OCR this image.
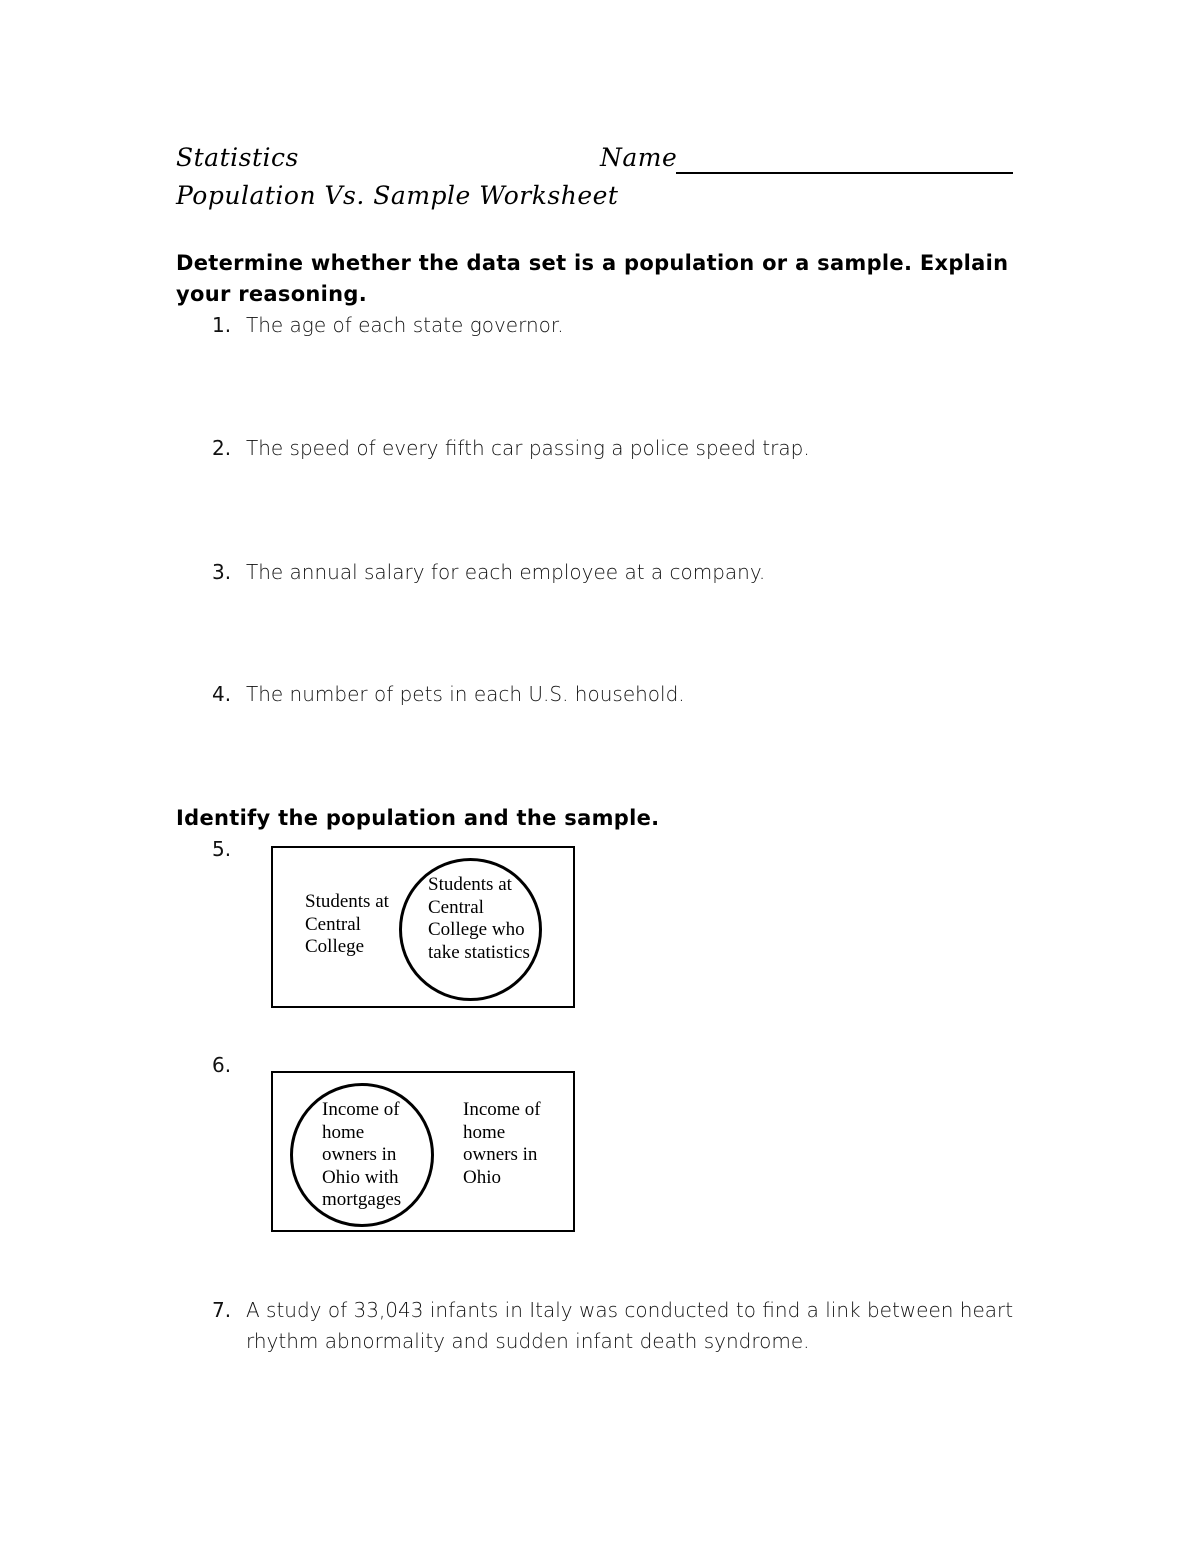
Statistics	Name
Population Vs. Sample Worksheet
Determine whether the data set is a population or a sample. Explain
your reasoning.
1. The age of each state governor.
2. The speed of every fifth car passing a police speed trap.
3. The annual salary for each employee at a company.
4. The number of pets in each U.S. household.
Identify the population and the sample.
5.
Students at
Central
College
Students at
Central
College who
take statistics
6.
Income of
home
owners in
Ohio with
mortgages
Income of
home
owners in
Ohio
7. A study of 33,043 infants in Italy was conducted to find a link between heart
rhythm abnormality and sudden infant death syndrome.
